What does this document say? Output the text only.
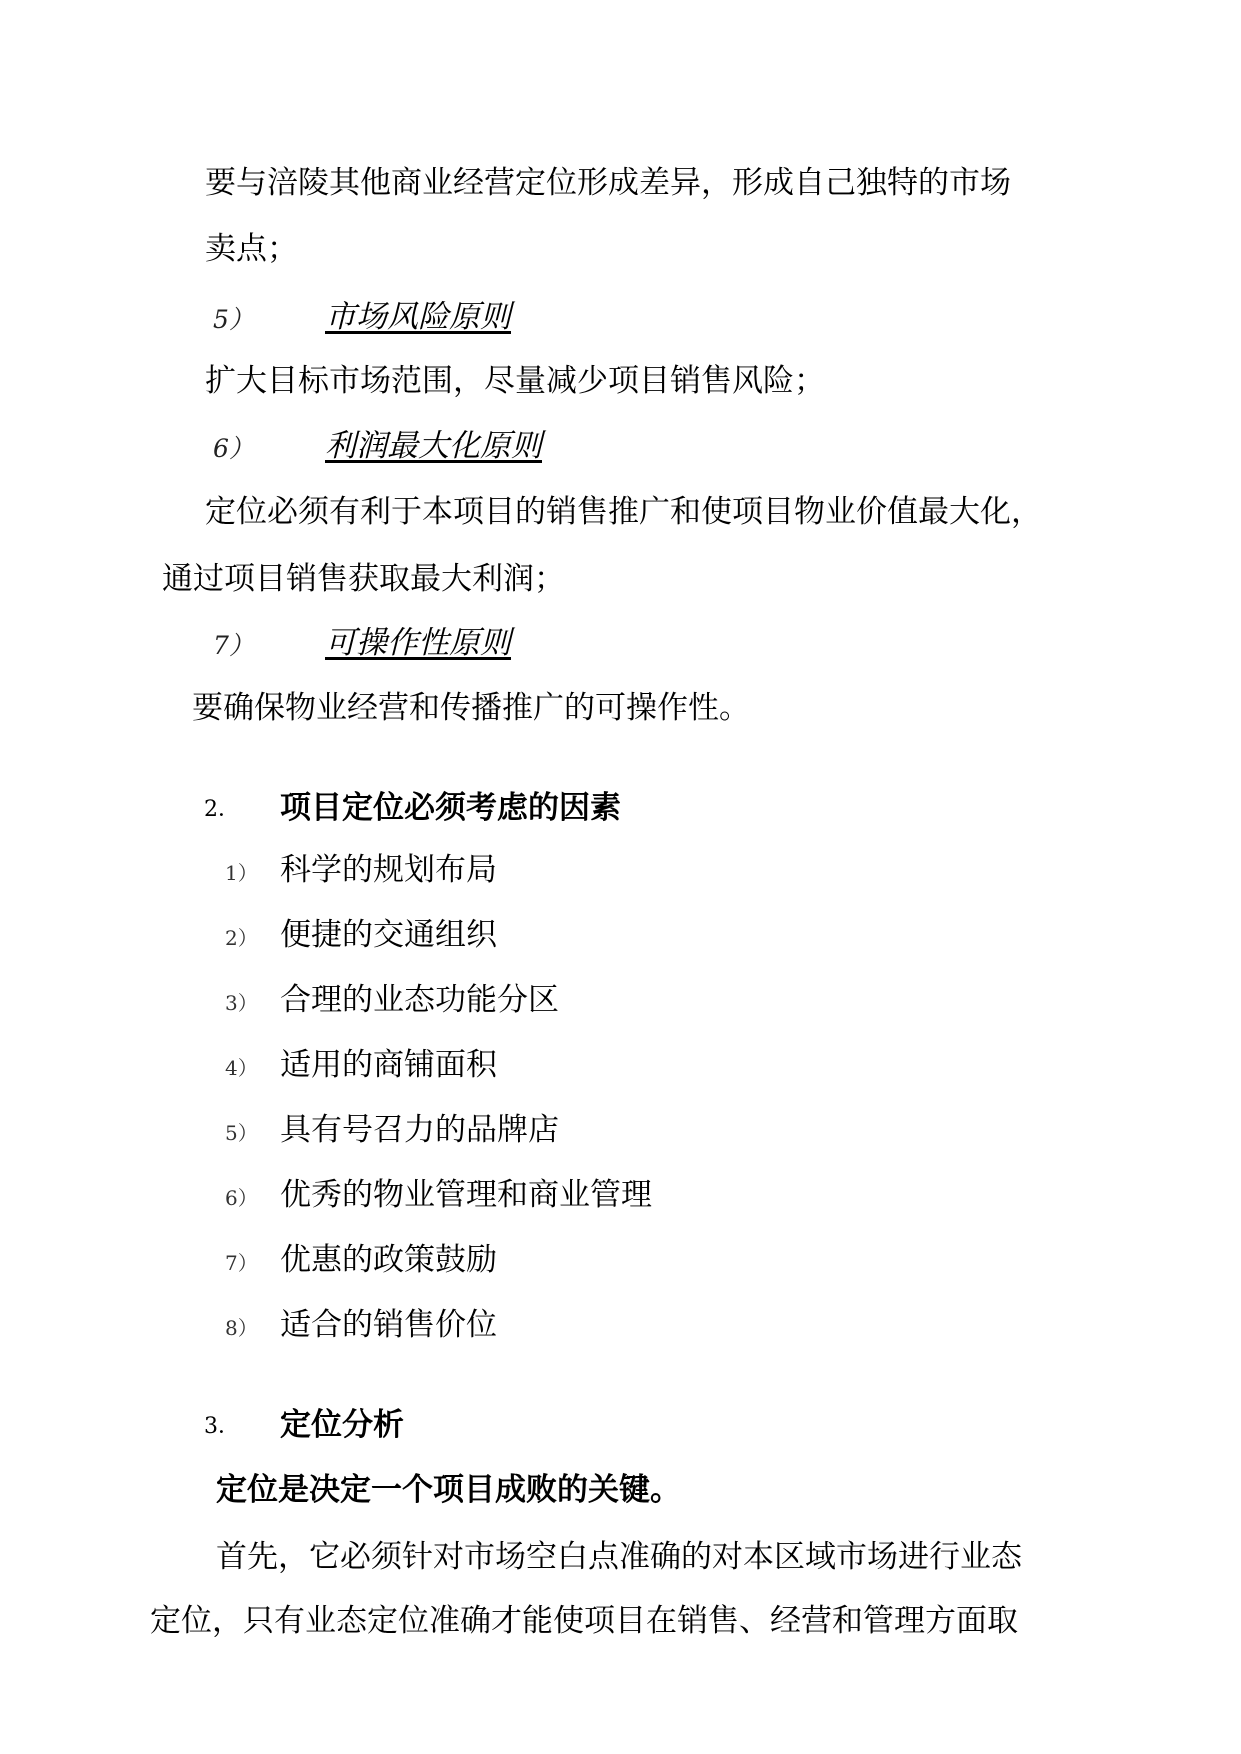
要与涪陵其他商业经营定位形成差异，形成自己独特的市场
卖点；
5） 市场风险原则
扩大目标市场范围，尽量减少项目销售风险；
6） 利润最大化原则
定位必须有利于本项目的销售推广和使项目物业价值最大化，
通过项目销售获取最大利润；
7） 可操作性原则
要确保物业经营和传播推广的可操作性。
2． 项目定位必须考虑的因素
1） 科学的规划布局
2） 便捷的交通组织
3） 合理的业态功能分区
4） 适用的商铺面积
5） 具有号召力的品牌店
6） 优秀的物业管理和商业管理
7） 优惠的政策鼓励
8） 适合的销售价位
3． 定位分析
定位是决定一个项目成败的关键。
首先，它必须针对市场空白点准确的对本区域市场进行业态
定位，只有业态定位准确才能使项目在销售、经营和管理方面取
